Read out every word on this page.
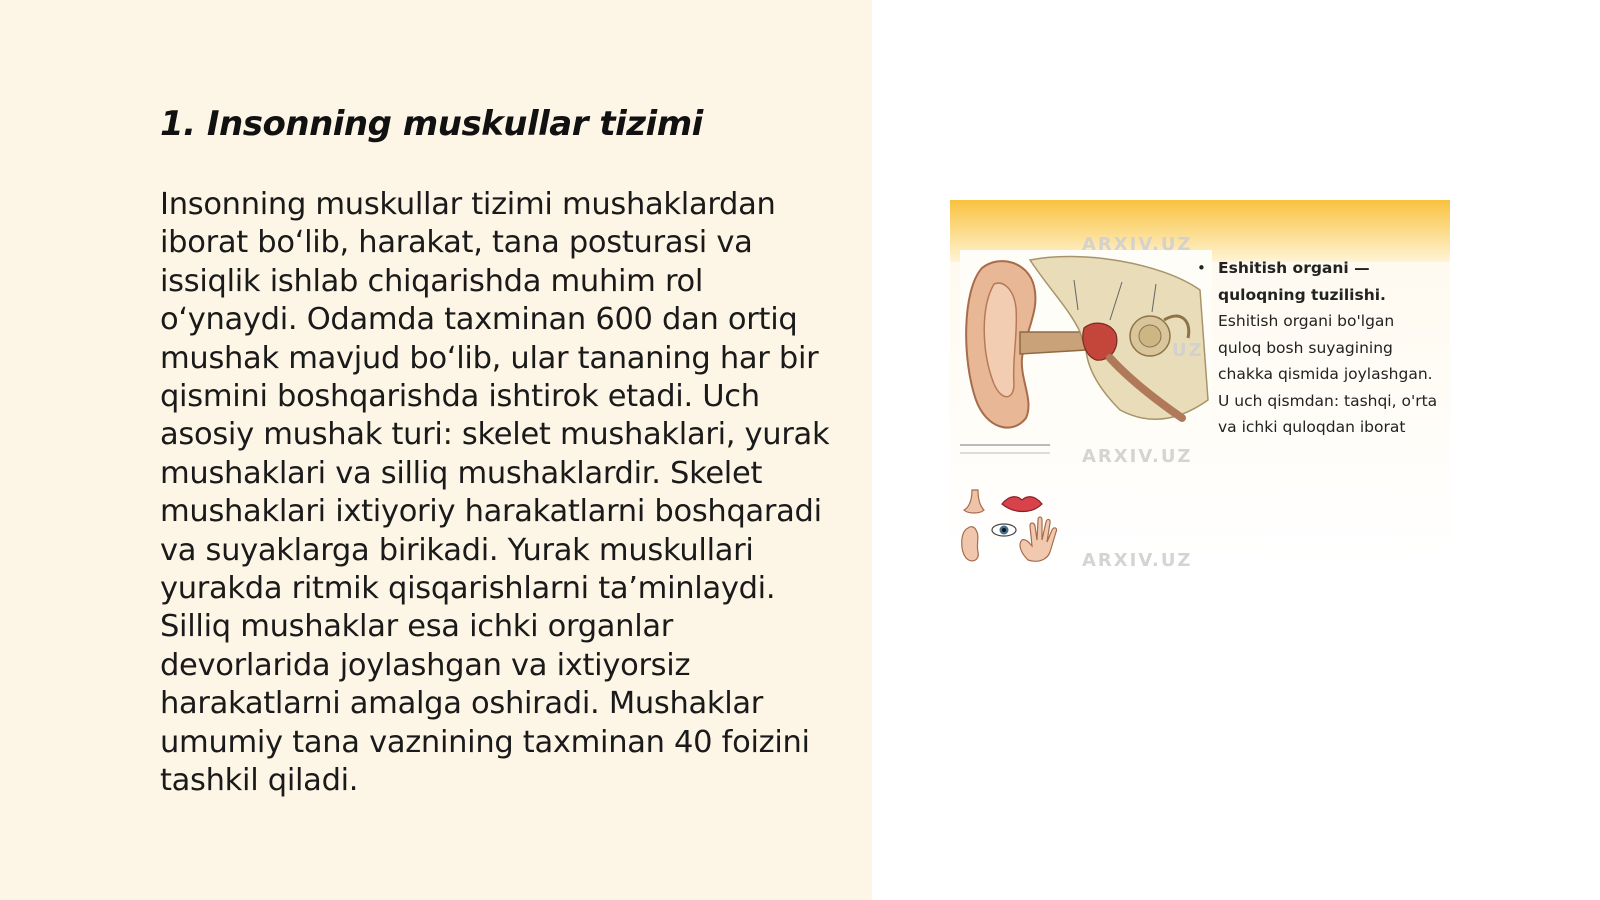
1. Insonning muskullar tizimi

Insonning muskullar tizimi mushaklardan iborat bo‘lib, harakat, tana posturasi va issiqlik ishlab chiqarishda muhim rol o‘ynaydi. Odamda taxminan 600 dan ortiq mushak mavjud bo‘lib, ular tananing har bir qismini boshqarishda ishtirok etadi. Uch asosiy mushak turi: skelet mushaklari, yurak mushaklari va silliq mushaklardir. Skelet mushaklari ixtiyoriy harakatlarni boshqaradi va suyaklarga birikadi. Yurak muskullari yurakda ritmik qisqarishlarni ta’minlaydi. Silliq mushaklar esa ichki organlar devorlarida joylashgan va ixtiyorsiz harakatlarni amalga oshiradi. Mushaklar umumiy tana vaznining taxminan 40 foizini tashkil qiladi.

ARXIV.UZ
ARXIV.UZ
ARXIV.UZ
UZ
• Eshitish organi — quloqning tuzilishi.
Eshitish organi bo'lgan quloq bosh suyagining chakka qismida joylashgan. U uch qismdan: tashqi, o'rta va ichki quloqdan iborat
